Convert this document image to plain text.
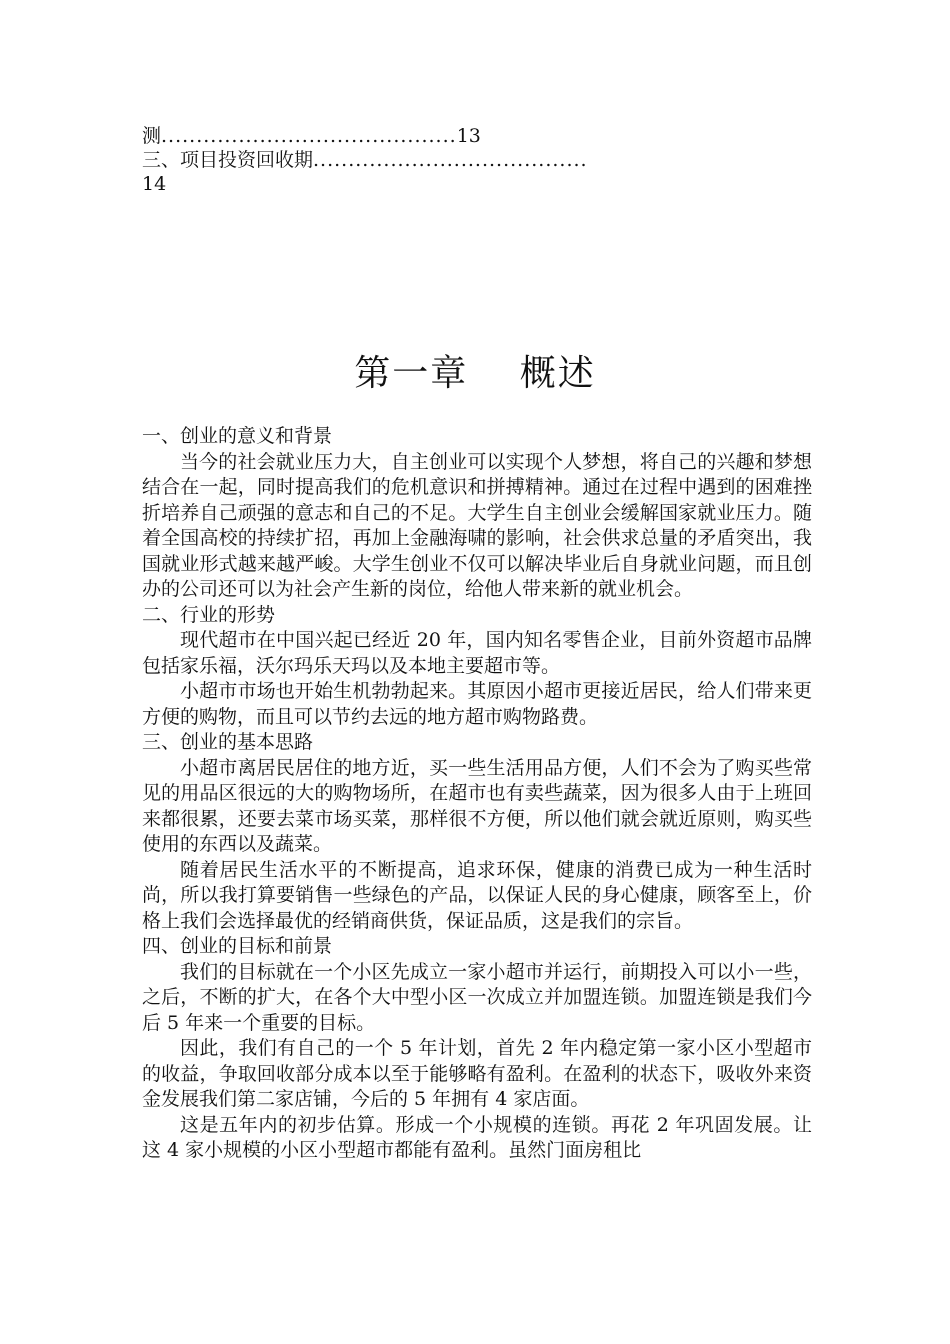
测..........................................13
三、项目投资回收期.......................................
14
第一章　 概述

一、创业的意义和背景

当今的社会就业压力大，自主创业可以实现个人梦想，将自己的兴趣和梦想结合在一起，同时提高我们的危机意识和拼搏精神。通过在过程中遇到的困难挫折培养自己顽强的意志和自己的不足。大学生自主创业会缓解国家就业压力。随着全国高校的持续扩招，再加上金融海啸的影响，社会供求总量的矛盾突出，我国就业形式越来越严峻。大学生创业不仅可以解决毕业后自身就业问题，而且创办的公司还可以为社会产生新的岗位，给他人带来新的就业机会。

二、行业的形势

现代超市在中国兴起已经近 20 年，国内知名零售企业，目前外资超市品牌 包括家乐福，沃尔玛乐天玛以及本地主要超市等。

小超市市场也开始生机勃勃起来。其原因小超市更接近居民，给人们带来更方便的购物，而且可以节约去远的地方超市购物路费。

三、创业的基本思路

小超市离居民居住的地方近，买一些生活用品方便，人们不会为了购买些常见的用品区很远的大的购物场所，在超市也有卖些蔬菜，因为很多人由于上班回来都很累，还要去菜市场买菜，那样很不方便，所以他们就会就近原则，购买些使用的东西以及蔬菜。

随着居民生活水平的不断提高，追求环保，健康的消费已成为一种生活时尚，所以我打算要销售一些绿色的产品，以保证人民的身心健康，顾客至上，价格上我们会选择最优的经销商供货，保证品质，这是我们的宗旨。

四、创业的目标和前景

我们的目标就在一个小区先成立一家小超市并运行，前期投入可以小一些，之后，不断的扩大，在各个大中型小区一次成立并加盟连锁。加盟连锁是我们今后 5 年来一个重要的目标。

因此，我们有自己的一个 5 年计划，首先 2 年内稳定第一家小区小型超市的收益，争取回收部分成本以至于能够略有盈利。在盈利的状态下，吸收外来资金发展我们第二家店铺，今后的 5 年拥有 4 家店面。

这是五年内的初步估算。形成一个小规模的连锁。再花 2 年巩固发展。让这 4 家小规模的小区小型超市都能有盈利。虽然门面房租比
